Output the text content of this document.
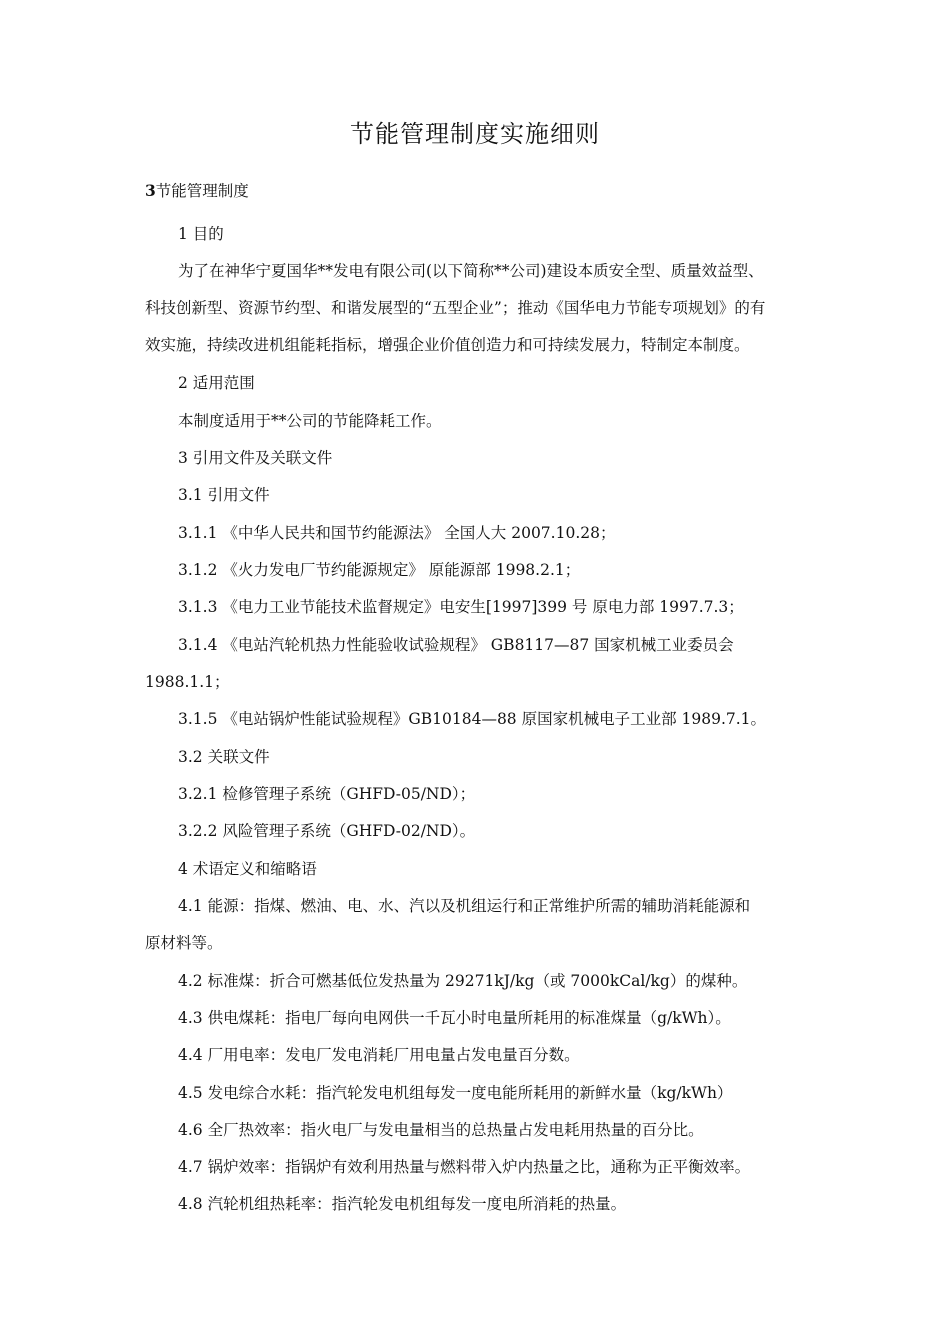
节能管理制度实施细则
3节能管理制度
1 目的
为了在神华宁夏国华**发电有限公司(以下简称**公司)建设本质安全型、质量效益型、
科技创新型、资源节约型、和谐发展型的“五型企业”；推动《国华电力节能专项规划》的有
效实施，持续改进机组能耗指标，增强企业价值创造力和可持续发展力，特制定本制度。
2 适用范围
本制度适用于**公司的节能降耗工作。
3 引用文件及关联文件
3.1 引用文件
3.1.1 《中华人民共和国节约能源法》 全国人大 2007.10.28；
3.1.2 《火力发电厂节约能源规定》 原能源部 1998.2.1；
3.1.3 《电力工业节能技术监督规定》电安生[1997]399 号 原电力部 1997.7.3；
3.1.4 《电站汽轮机热力性能验收试验规程》 GB8117—87 国家机械工业委员会
1988.1.1；
3.1.5 《电站锅炉性能试验规程》GB10184—88 原国家机械电子工业部 1989.7.1。
3.2 关联文件
3.2.1 检修管理子系统（GHFD-05/ND）；
3.2.2 风险管理子系统（GHFD-02/ND）。
4 术语定义和缩略语
4.1 能源：指煤、燃油、电、水、汽以及机组运行和正常维护所需的辅助消耗能源和
原材料等。
4.2 标准煤：折合可燃基低位发热量为 29271kJ/kg（或 7000kCal/kg）的煤种。
4.3 供电煤耗：指电厂每向电网供一千瓦小时电量所耗用的标准煤量（g/kWh）。
4.4 厂用电率：发电厂发电消耗厂用电量占发电量百分数。
4.5 发电综合水耗：指汽轮发电机组每发一度电能所耗用的新鲜水量（kg/kWh）
4.6 全厂热效率：指火电厂与发电量相当的总热量占发电耗用热量的百分比。
4.7 锅炉效率：指锅炉有效利用热量与燃料带入炉内热量之比，通称为正平衡效率。
4.8 汽轮机组热耗率：指汽轮发电机组每发一度电所消耗的热量。
